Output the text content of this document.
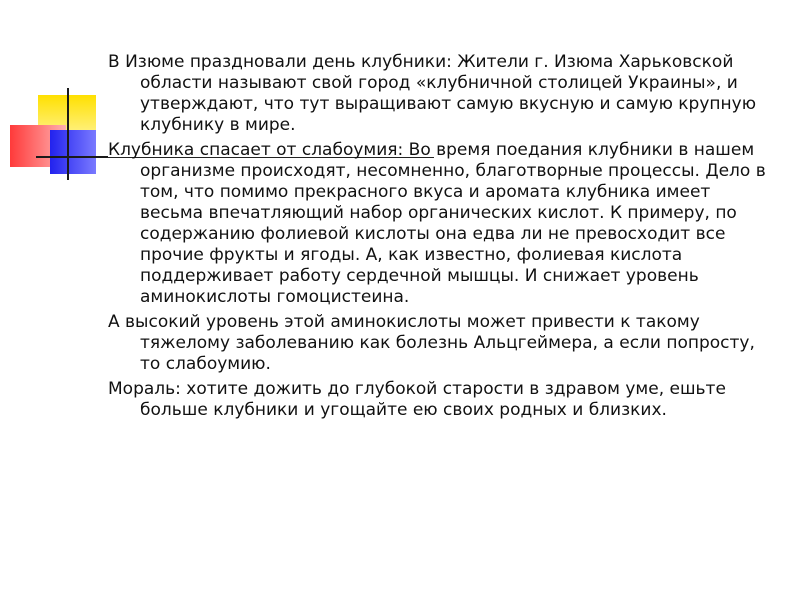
В Изюме праздновали день клубники: Жители г. Изюма Харьковской области называют свой город «клубничной столицей Украины», и утверждают, что тут выращивают самую вкусную и самую крупную клубнику в мире.

Клубника спасает от слабоумия: Во время поедания клубники в нашем организме происходят, несомненно, благотворные процессы. Дело в том, что помимо прекрасного вкуса и аромата клубника имеет весьма впечатляющий набор органических кислот. К примеру, по содержанию фолиевой кислоты она едва ли не превосходит все прочие фрукты и ягоды. А, как известно, фолиевая кислота поддерживает работу сердечной мышцы. И снижает уровень аминокислоты гомоцистеина.

А высокий уровень этой аминокислоты может привести к такому тяжелому заболеванию как болезнь Альцгеймера, а если попросту, то слабоумию.

Мораль: хотите дожить до глубокой старости в здравом уме, ешьте больше клубники и угощайте ею своих родных и близких.
